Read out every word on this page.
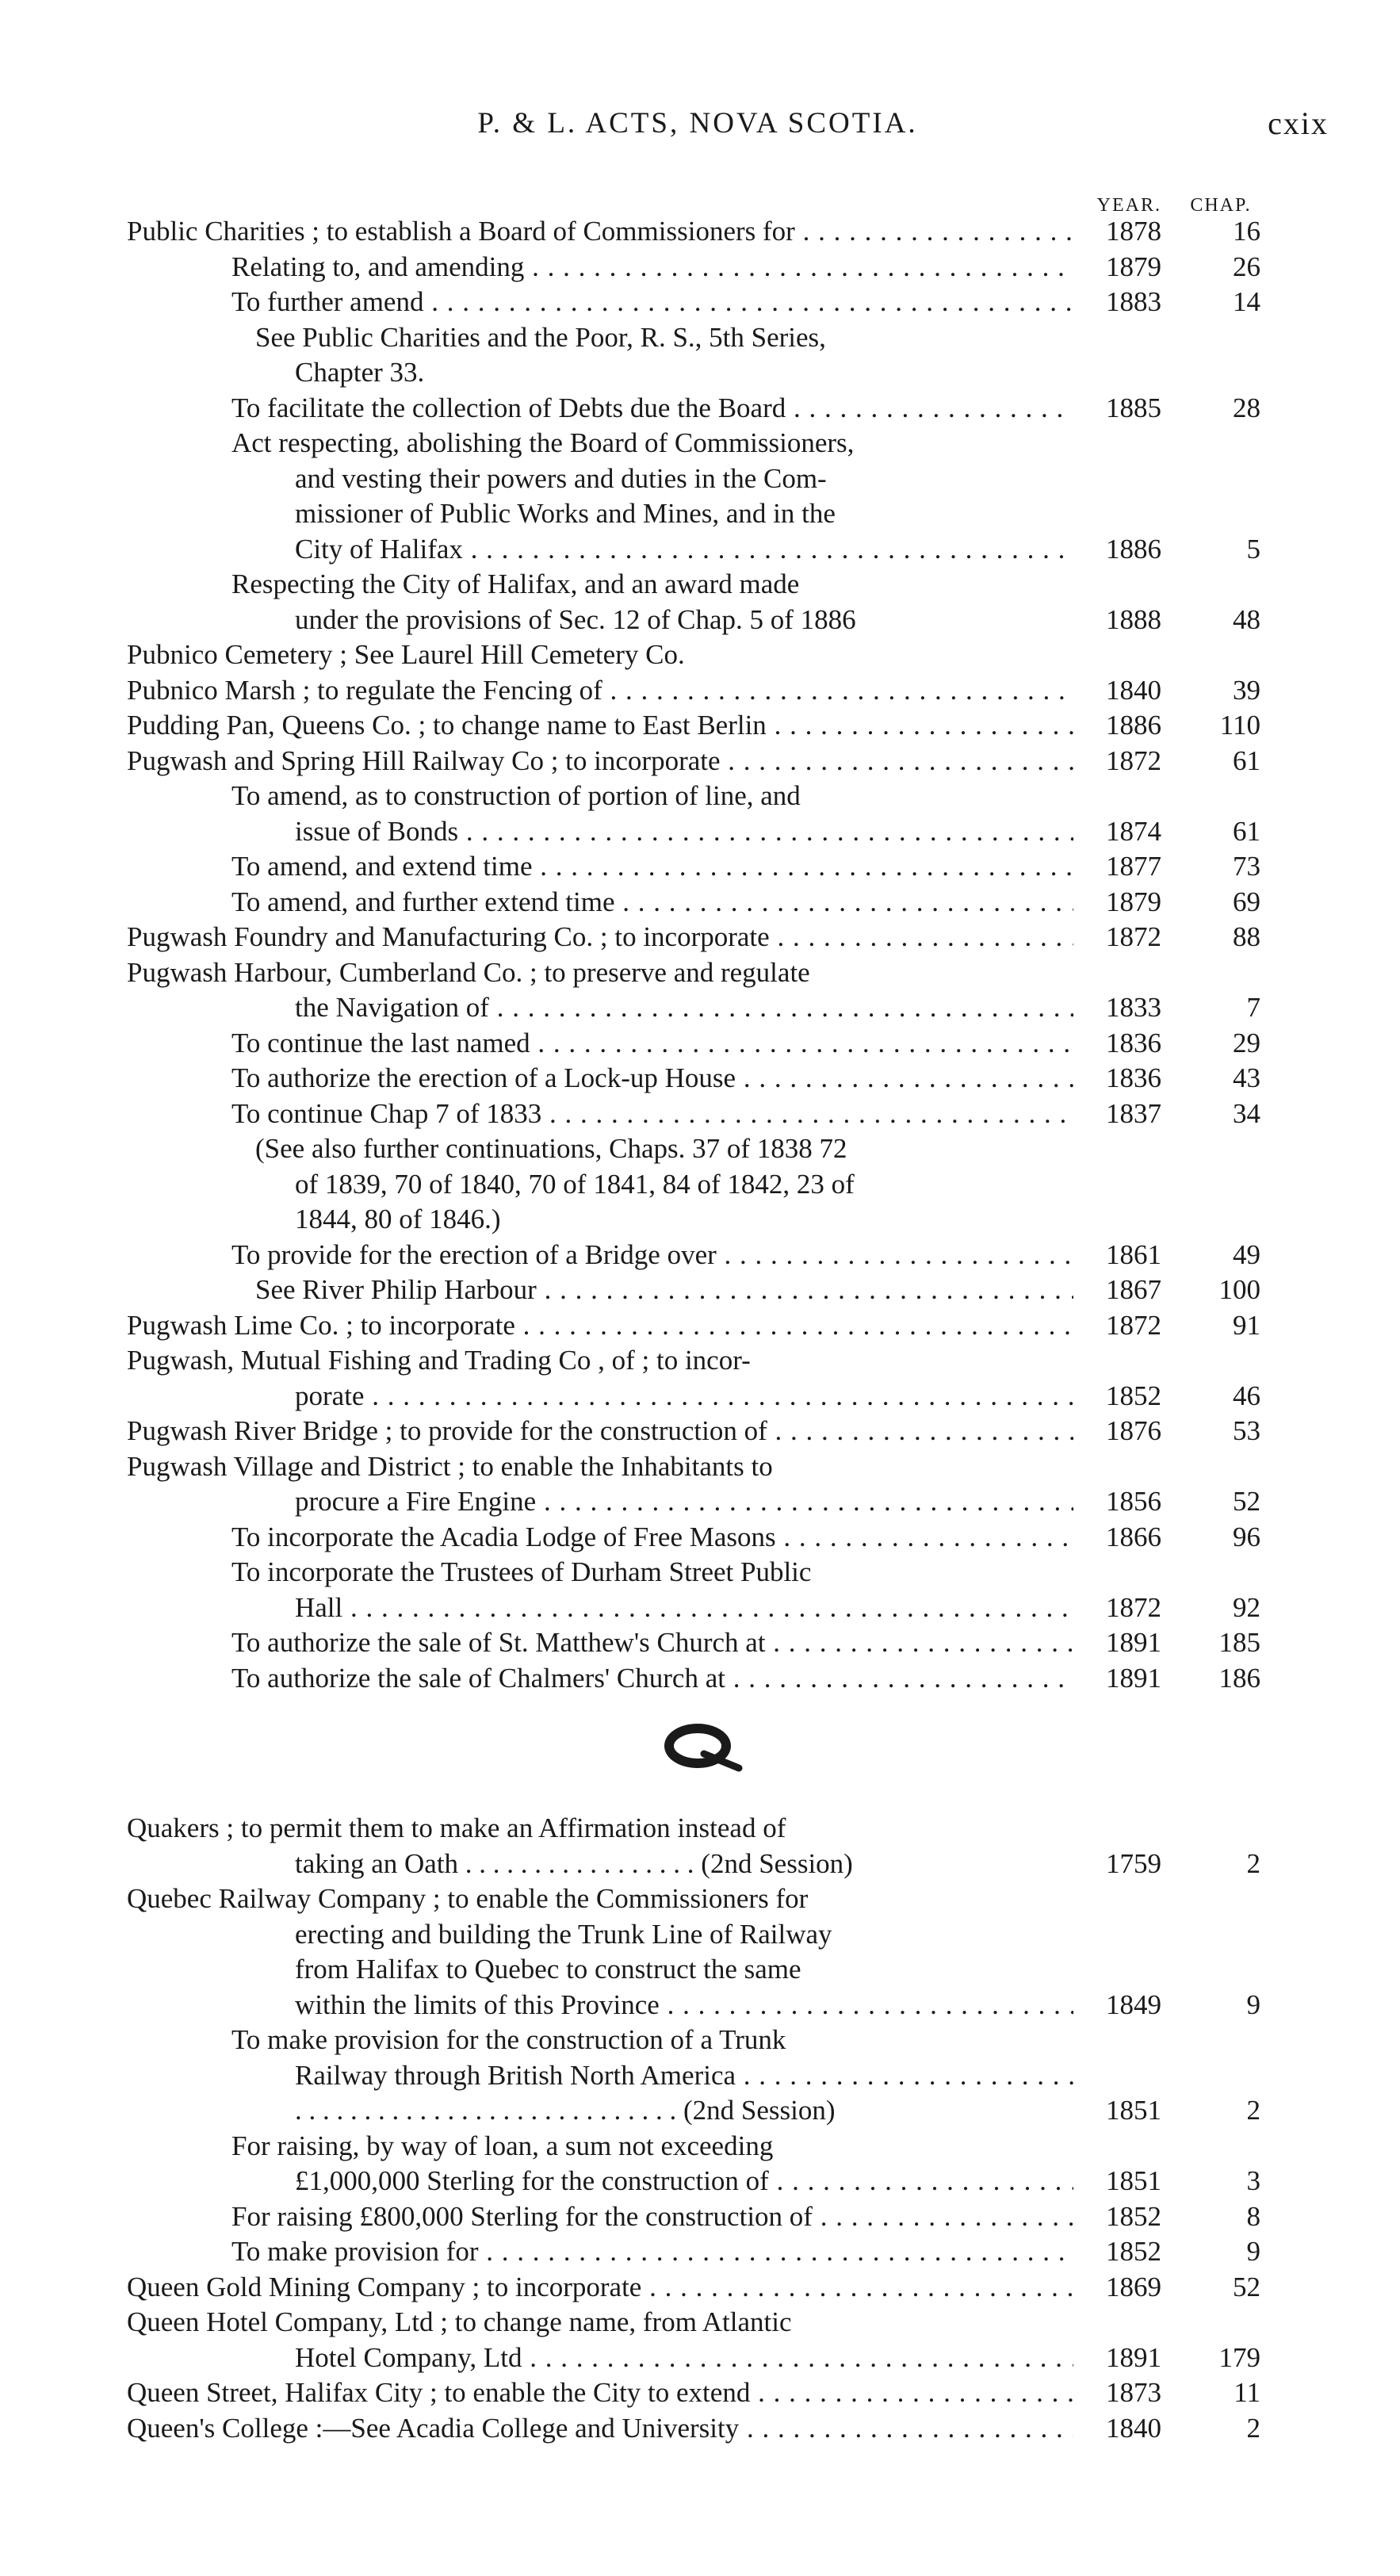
P. & L. ACTS, NOVA SCOTIA.	cxix
YEAR.	CHAP.
Public Charities ; to establish a Board of Commissioners for . . .	1878	16
Relating to, and amending . . .	1879	26
To further amend . . .	1883	14
See Public Charities and the Poor, R. S., 5th Series,
Chapter 33.
To facilitate the collection of Debts due the Board . . .	1885	28
Act respecting, abolishing the Board of Commissioners,
and vesting their powers and duties in the Com-
missioner of Public Works and Mines, and in the
City of Halifax . . .	1886	5
Respecting the City of Halifax, and an award made
under the provisions of Sec. 12 of Chap. 5 of 1886	1888	48
Pubnico Cemetery ; See Laurel Hill Cemetery Co.
Pubnico Marsh ; to regulate the Fencing of . . .	1840	39
Pudding Pan, Queens Co. ; to change name to East Berlin . . .	1886	110
Pugwash and Spring Hill Railway Co ; to incorporate . . .	1872	61
To amend, as to construction of portion of line, and
issue of Bonds . . .	1874	61
To amend, and extend time . . .	1877	73
To amend, and further extend time . . .	1879	69
Pugwash Foundry and Manufacturing Co. ; to incorporate . . .	1872	88
Pugwash Harbour, Cumberland Co. ; to preserve and regulate
the Navigation of . . .	1833	7
To continue the last named . . .	1836	29
To authorize the erection of a Lock-up House . . .	1836	43
To continue Chap 7 of 1833 . . .	1837	34
(See also further continuations, Chaps. 37 of 1838 72
of 1839, 70 of 1840, 70 of 1841, 84 of 1842, 23 of
1844, 80 of 1846.)
To provide for the erection of a Bridge over . . .	1861	49
See River Philip Harbour . . .	1867	100
Pugwash Lime Co. ; to incorporate . . .	1872	91
Pugwash, Mutual Fishing and Trading Co , of ; to incor-
porate . . .	1852	46
Pugwash River Bridge ; to provide for the construction of . . .	1876	53
Pugwash Village and District ; to enable the Inhabitants to
procure a Fire Engine . . .	1856	52
To incorporate the Acadia Lodge of Free Masons . . .	1866	96
To incorporate the Trustees of Durham Street Public
Hall . . .	1872	92
To authorize the sale of St. Matthew's Church at . . .	1891	185
To authorize the sale of Chalmers' Church at . . .	1891	186
Quakers ; to permit them to make an Affirmation instead of
taking an Oath . . . . . . . . . . . . . . . . . (2nd Session)	1759	2
Quebec Railway Company ; to enable the Commissioners for
erecting and building the Trunk Line of Railway
from Halifax to Quebec to construct the same
within the limits of this Province . . .	1849	9
To make provision for the construction of a Trunk
Railway through British North America . . .
. . . . . . . . . . . . . . . . . . . . . . . . . . . . (2nd Session)	1851	2
For raising, by way of loan, a sum not exceeding
£1,000,000 Sterling for the construction of . . .	1851	3
For raising £800,000 Sterling for the construction of . . .	1852	8
To make provision for . . .	1852	9
Queen Gold Mining Company ; to incorporate . . .	1869	52
Queen Hotel Company, Ltd ; to change name, from Atlantic
Hotel Company, Ltd . . .	1891	179
Queen Street, Halifax City ; to enable the City to extend . . .	1873	11
Queen's College :—See Acadia College and University . . .	1840	2
